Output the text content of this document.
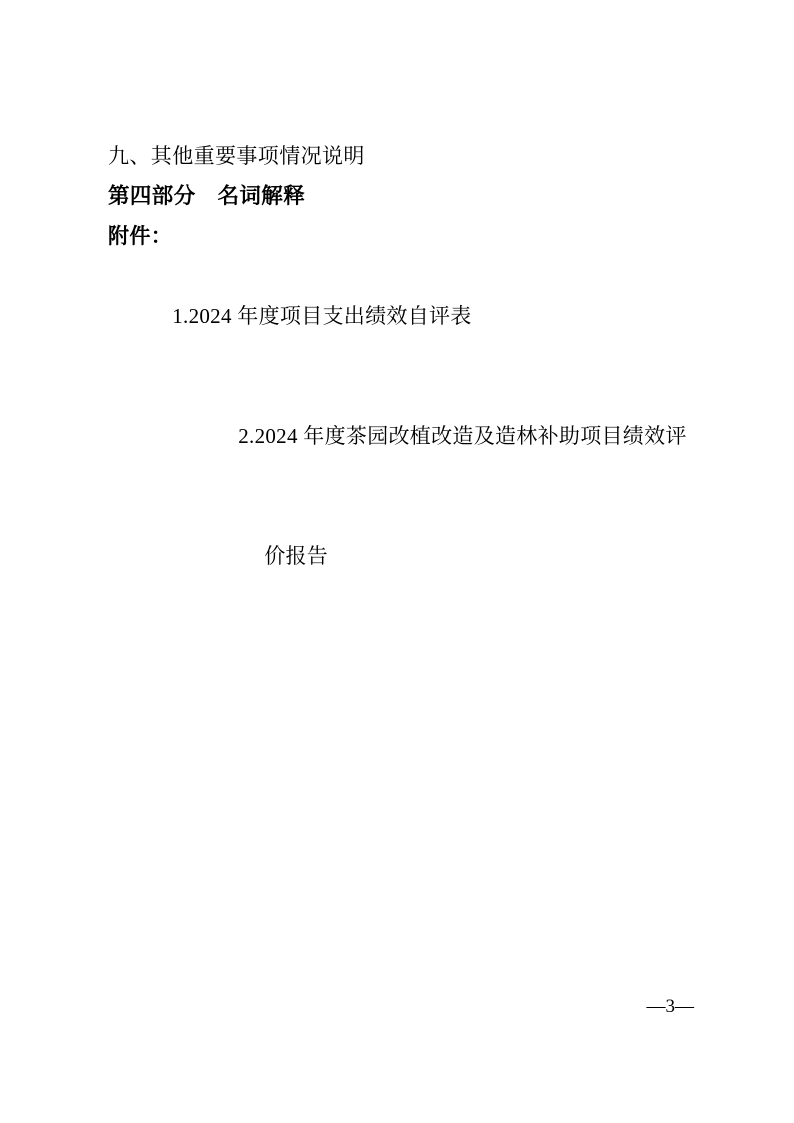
九、其他重要事项情况说明
第四部分　名词解释
附件：

1.2024 年度项目支出绩效自评表

2.2024 年度茶园改植改造及造林补助项目绩效评

价报告

—3—
